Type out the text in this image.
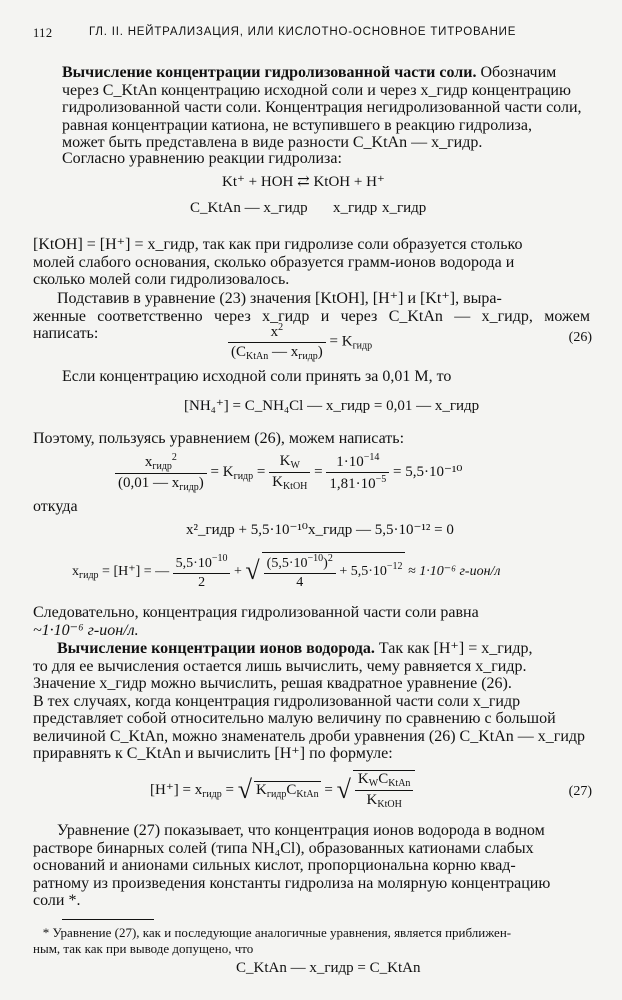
112	ГЛ. II. НЕЙТРАЛИЗАЦИЯ, ИЛИ КИСЛОТНО-ОСНОВНОЕ ТИТРОВАНИЕ
Вычисление концентрации гидролизованной части соли. Обозначим
через C_KtAn концентрацию исходной соли и через x_гидр концентрацию
гидролизованной части соли. Концентрация негидролизованной части соли,
равная концентрации катиона, не вступившего в реакцию гидролиза,
может быть представлена в виде разности C_KtAn — x_гидр.
Согласно уравнению реакции гидролиза:
Kt⁺ + HOH ⇄ KtOH + H⁺
C_KtAn — x_гидр x_гидр x_гидр
[KtOH] = [H⁺] = x_гидр, так как при гидролизе соли образуется столько
молей слабого основания, сколько образуется грамм-ионов водорода и
сколько молей соли гидролизовалось.
Подставив в уравнение (23) значения [KtOH], [H⁺] и [Kt⁺], выра-
женные соответственно через x_гидр и через C_KtAn — x_гидр, можем написать:	$\frac{x^2}{(C_{KtAn} — x_{гидр})} = K_{гидр}$
(26)
Если концентрацию исходной соли принять за 0,01 M, то
[NH₄⁺] = C_NH₄Cl — x_гидр = 0,01 — x_гидр
Поэтому, пользуясь уравнением (26), можем написать:
$\frac{x_{гидр}^2}{(0,01 — x_{гидр})} = K_{гидр} = \frac{K_W}{K_{KtOH}} = \frac{1\cdot 10^{-14}}{1,81\cdot 10^{-5}} = 5,5\cdot 10^{-10}$
откуда
x²_гидр + 5,5·10⁻¹⁰x_гидр — 5,5·10⁻¹² = 0
$x_{гидр} = [H^+]$ = — $\frac{5,5\cdot 10^{-10}}{2}$ + √ $\frac{(5,5\cdot 10^{-10})^2}{4} + 5,5\cdot 10^{-12} \approx 1\cdot 10^{-6}$ г-ион/л
Следовательно, концентрация гидролизованной части соли равна
~1·10⁻⁶ г-ион/л.
Вычисление концентрации ионов водорода. Так как [H⁺] = x_гидр,
то для ее вычисления остается лишь вычислить, чему равняется x_гидр.
Значение x_гидр можно вычислить, решая квадратное уравнение (26).
В тех случаях, когда концентрация гидролизованной части соли x_гидр
представляет собой относительно малую величину по сравнению с большой
величиной C_KtAn, можно знаменатель дроби уравнения (26) C_KtAn — x_гидр
приравнять к C_KtAn и вычислить [H⁺] по формуле:
$[H^+] = x_{гидр}$ = √ $K_{гидр}C_{KtAn}$ = √ $\frac{K_WC_{KtAn}}{K_{KtOH}}$	(27)
Уравнение (27) показывает, что концентрация ионов водорода в водном
растворе бинарных солей (типа NH₄Cl), образованных катионами слабых
оснований и анионами сильных кислот, пропорциональна корню квад-
ратному из произведения константы гидролиза на молярную концентрацию
соли *.
* Уравнение (27), как и последующие аналогичные уравнения, является приближен-
ным, так как при выводе допущено, что
C_KtAn — x_гидр = C_KtAn
